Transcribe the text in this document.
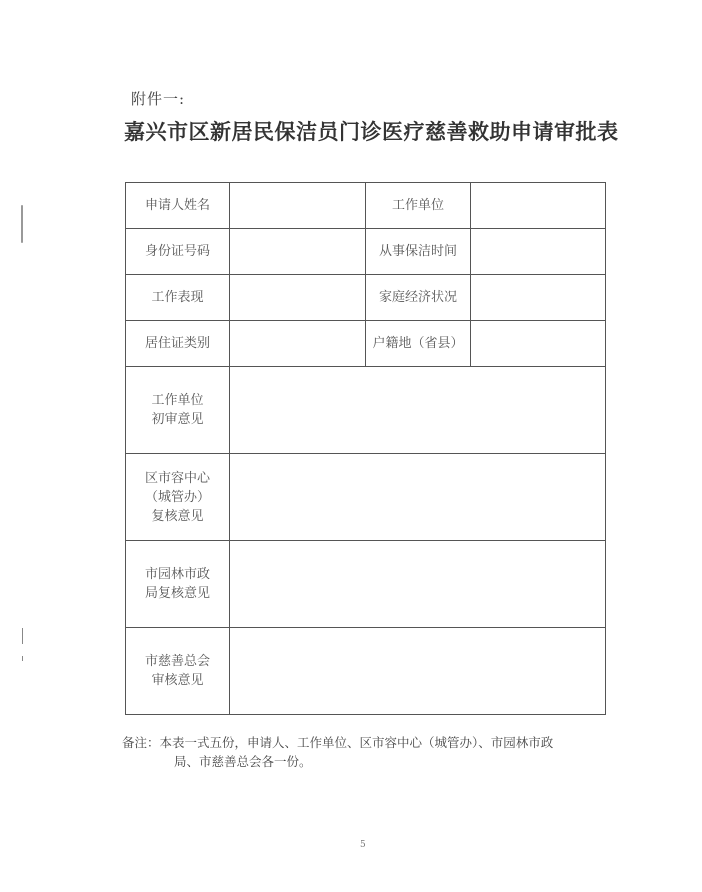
附件一:
嘉兴市区新居民保洁员门诊医疗慈善救助申请审批表
申请人姓名		工作单位	
身份证号码		从事保洁时间	
工作表现		家庭经济状况	
居住证类别		户籍地（省县）	

工作单位
初审意见			

区市容中心
（城管办）
复核意见			

市园林市政
局复核意见			

市慈善总会
审核意见			

备注：本表一式五份，申请人、工作单位、区市容中心（城管办）、市园林市政
局、市慈善总会各一份。
5
